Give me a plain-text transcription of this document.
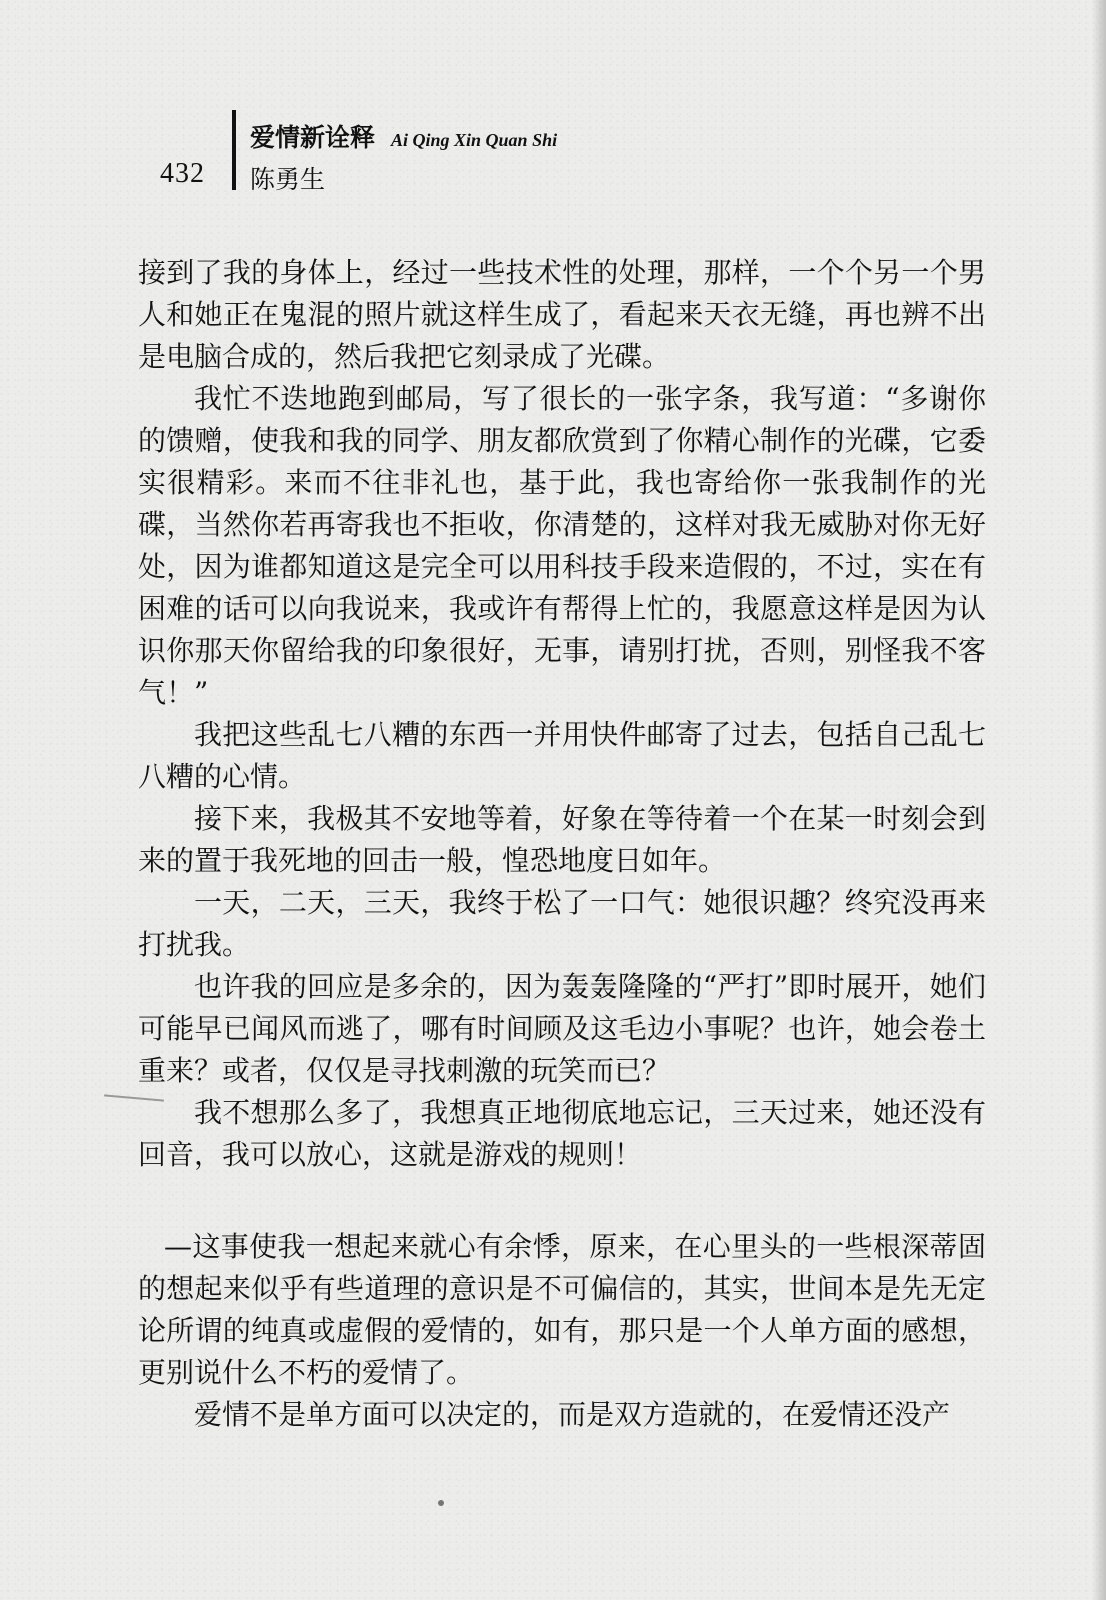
432
爱情新诠释 Ai Qing Xin Quan Shi
陈勇生

接到了我的身体上，经过一些技术性的处理，那样，一个个另一个男人和她正在鬼混的照片就这样生成了，看起来天衣无缝，再也辨不出是电脑合成的，然后我把它刻录成了光碟。

我忙不迭地跑到邮局，写了很长的一张字条，我写道：“多谢你的馈赠，使我和我的同学、朋友都欣赏到了你精心制作的光碟，它委实很精彩。来而不往非礼也，基于此，我也寄给你一张我制作的光碟，当然你若再寄我也不拒收，你清楚的，这样对我无威胁对你无好处，因为谁都知道这是完全可以用科技手段来造假的，不过，实在有困难的话可以向我说来，我或许有帮得上忙的，我愿意这样是因为认识你那天你留给我的印象很好，无事，请别打扰，否则，别怪我不客气！”

我把这些乱七八糟的东西一并用快件邮寄了过去，包括自己乱七八糟的心情。

接下来，我极其不安地等着，好象在等待着一个在某一时刻会到来的置于我死地的回击一般，惶恐地度日如年。

一天，二天，三天，我终于松了一口气：她很识趣？终究没再来打扰我。

也许我的回应是多余的，因为轰轰隆隆的“严打”即时展开，她们可能早已闻风而逃了，哪有时间顾及这毛边小事呢？也许，她会卷土重来？或者，仅仅是寻找刺激的玩笑而已？

我不想那么多了，我想真正地彻底地忘记，三天过来，她还没有回音，我可以放心，这就是游戏的规则！

—这事使我一想起来就心有余悸，原来，在心里头的一些根深蒂固的想起来似乎有些道理的意识是不可偏信的，其实，世间本是先无定论所谓的纯真或虚假的爱情的，如有，那只是一个人单方面的感想，更别说什么不朽的爱情了。

爱情不是单方面可以决定的，而是双方造就的，在爱情还没产
